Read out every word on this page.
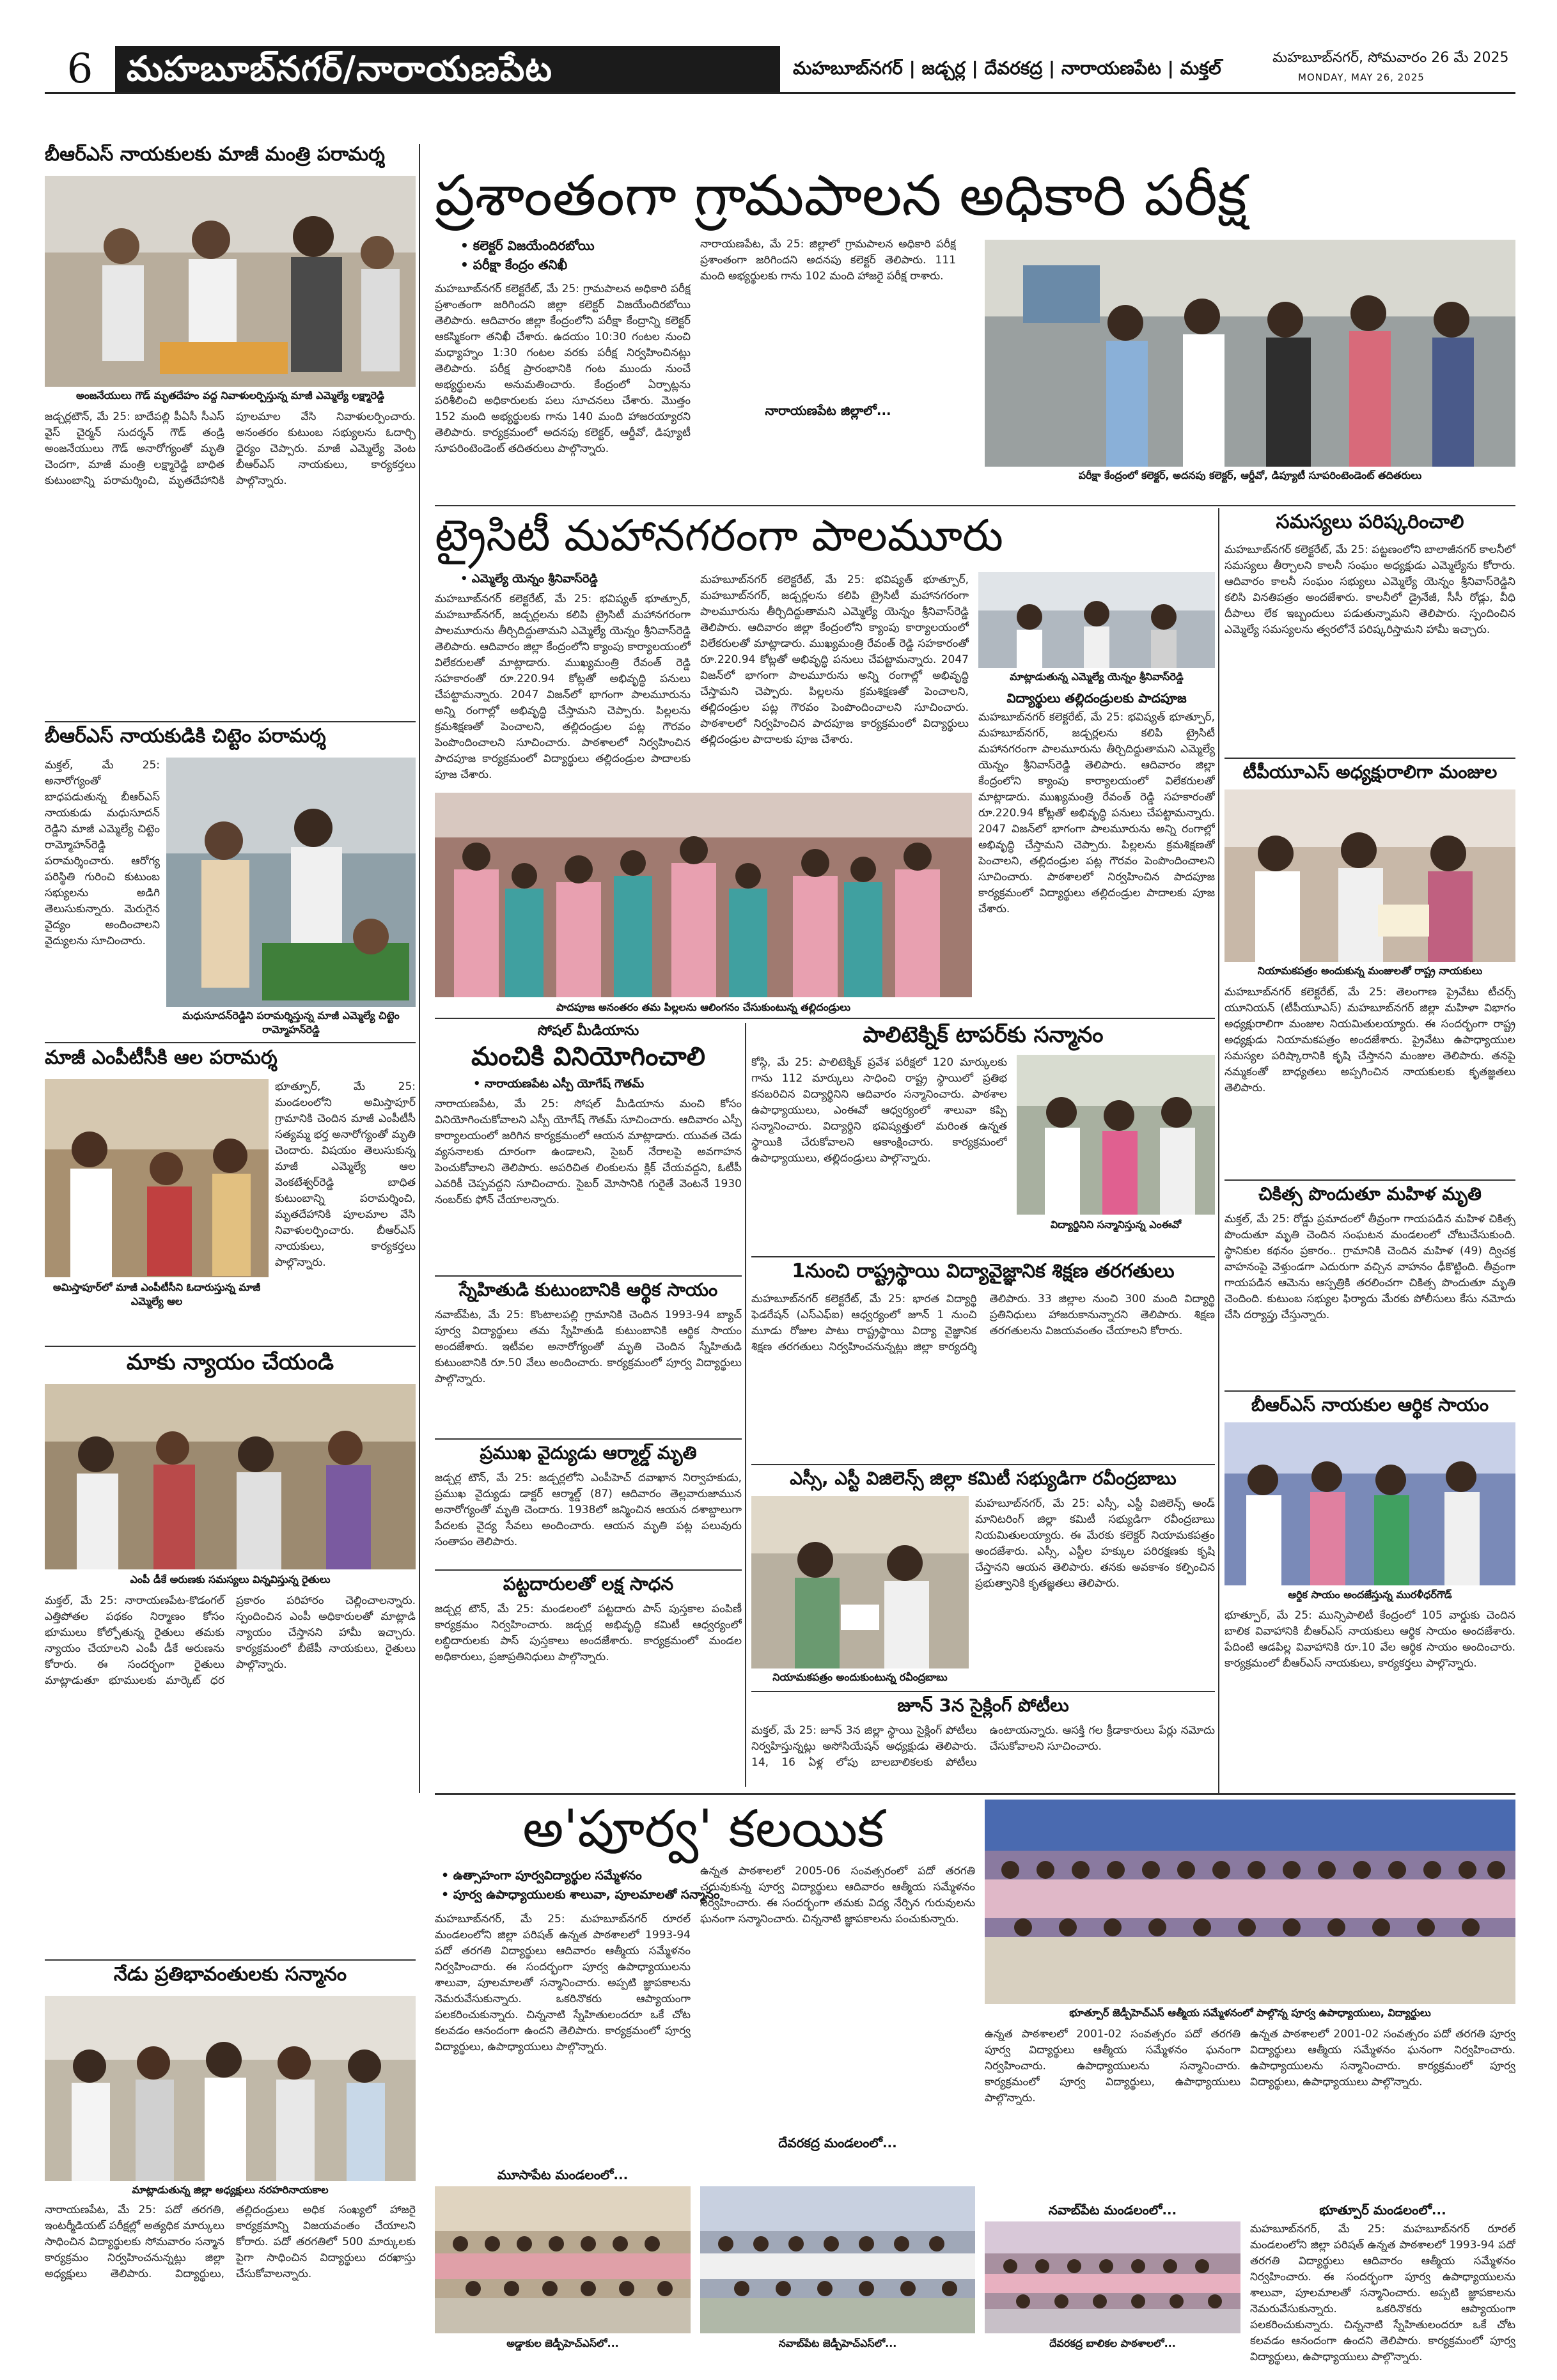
6 మహబూబ్‌నగర్/నారాయణపేట	మహబూబ్‌నగర్ | జడ్చర్ల | దేవరకద్ర | నారాయణపేట | మక్తల్	మహబూబ్‌నగర్, సోమవారం 26 మే 2025
MONDAY, MAY 26, 2025
బీఆర్ఎస్ నాయకులకు మాజీ మంత్రి పరామర్శ
అంజనేయులు గౌడ్ మృతదేహం వద్ద నివాళులర్పిస్తున్న మాజీ ఎమ్మెల్యే లక్ష్మారెడ్డి
జడ్చర్లటౌన్, మే 25: బాదేపల్లి పీఏసీ సీఎస్ వైస్ చైర్మన్ సుదర్శన్ గౌడ్ తండ్రి అంజనేయులు గౌడ్ అనారోగ్యంతో మృతి చెందగా, మాజీ మంత్రి లక్ష్మారెడ్డి బాధిత కుటుంబాన్ని పరామర్శించి, మృతదేహానికి పూలమాల వేసి నివాళులర్పించారు. అనంతరం కుటుంబ సభ్యులను ఓదార్చి ధైర్యం చెప్పారు. మాజీ ఎమ్మెల్యే వెంట బీఆర్ఎస్ నాయకులు, కార్యకర్తలు పాల్గొన్నారు.
బీఆర్ఎస్ నాయకుడికి చిట్టెం పరామర్శ
మక్తల్, మే 25: అనారోగ్యంతో బాధపడుతున్న బీఆర్ఎస్ నాయకుడు మధుసూదన్ రెడ్డిని మాజీ ఎమ్మెల్యే చిట్టెం రామ్మోహన్‌రెడ్డి పరామర్శించారు. ఆరోగ్య పరిస్థితి గురించి కుటుంబ సభ్యులను అడిగి తెలుసుకున్నారు. మెరుగైన వైద్యం అందించాలని వైద్యులను సూచించారు.
మధుసూదన్‌రెడ్డిని పరామర్శిస్తున్న మాజీ ఎమ్మెల్యే చిట్టెం రామ్మోహన్‌రెడ్డి
మాజీ ఎంపీటీసీకి ఆల పరామర్శ
భూత్పూర్, మే 25: మండలంలోని అమిస్తాపూర్ గ్రామానికి చెందిన మాజీ ఎంపీటీసీ సత్యమ్మ భర్త అనారోగ్యంతో మృతి చెందారు. విషయం తెలుసుకున్న మాజీ ఎమ్మెల్యే ఆల వెంకటేశ్వర్‌రెడ్డి బాధిత కుటుంబాన్ని పరామర్శించి, మృతదేహానికి పూలమాల వేసి నివాళులర్పించారు. బీఆర్ఎస్ నాయకులు, కార్యకర్తలు పాల్గొన్నారు.
అమిస్తాపూర్‌లో మాజీ ఎంపీటీసీని ఓదారుస్తున్న మాజీ ఎమ్మెల్యే ఆల
మాకు న్యాయం చేయండి
ఎంపీ డీకే అరుణకు సమస్యలు విన్నవిస్తున్న రైతులు
మక్తల్, మే 25: నారాయణపేట-కొడంగల్ ఎత్తిపోతల పథకం నిర్మాణం కోసం భూములు కోల్పోతున్న రైతులు తమకు న్యాయం చేయాలని ఎంపీ డీకే అరుణను కోరారు. ఈ సందర్భంగా రైతులు మాట్లాడుతూ భూములకు మార్కెట్ ధర ప్రకారం పరిహారం చెల్లించాలన్నారు. స్పందించిన ఎంపీ అధికారులతో మాట్లాడి న్యాయం చేస్తానని హామీ ఇచ్చారు. కార్యక్రమంలో బీజేపీ నాయకులు, రైతులు పాల్గొన్నారు.
నేడు ప్రతిభావంతులకు సన్మానం
మాట్లాడుతున్న జిల్లా అధ్యక్షులు నరహరినాయకాల
నారాయణపేట, మే 25: పదో తరగతి, ఇంటర్మీడియట్ పరీక్షల్లో అత్యధిక మార్కులు సాధించిన విద్యార్థులకు సోమవారం సన్మాన కార్యక్రమం నిర్వహించనున్నట్లు జిల్లా అధ్యక్షులు తెలిపారు. విద్యార్థులు, తల్లిదండ్రులు అధిక సంఖ్యలో హాజరై కార్యక్రమాన్ని విజయవంతం చేయాలని కోరారు. పదో తరగతిలో 500 మార్కులకు పైగా సాధించిన విద్యార్థులు దరఖాస్తు చేసుకోవాలన్నారు.
ప్రశాంతంగా గ్రామపాలన అధికారి పరీక్ష
• కలెక్టర్ విజయేందిరబోయి
• పరీక్షా కేంద్రం తనిఖీ
మహబూబ్‌నగర్ కలెక్టరేట్, మే 25: గ్రామపాలన అధికారి పరీక్ష ప్రశాంతంగా జరిగిందని జిల్లా కలెక్టర్ విజయేందిరబోయి తెలిపారు. ఆదివారం జిల్లా కేంద్రంలోని పరీక్షా కేంద్రాన్ని కలెక్టర్ ఆకస్మికంగా తనిఖీ చేశారు. ఉదయం 10:30 గంటల నుంచి మధ్యాహ్నం 1:30 గంటల వరకు పరీక్ష నిర్వహించినట్లు తెలిపారు. పరీక్ష ప్రారంభానికి గంట ముందు నుంచే అభ్యర్థులను అనుమతించారు. కేంద్రంలో ఏర్పాట్లను పరిశీలించి అధికారులకు పలు సూచనలు చేశారు. మొత్తం 152 మంది అభ్యర్థులకు గాను 140 మంది హాజరయ్యారని తెలిపారు. కార్యక్రమంలో అదనపు కలెక్టర్, ఆర్డీవో, డిప్యూటీ సూపరింటెండెంట్ తదితరులు పాల్గొన్నారు.
నారాయణపేట, మే 25: జిల్లాలో గ్రామపాలన అధికారి పరీక్ష ప్రశాంతంగా జరిగిందని అదనపు కలెక్టర్ తెలిపారు. 111 మంది అభ్యర్థులకు గాను 102 మంది హాజరై పరీక్ష రాశారు.
నారాయణపేట జిల్లాలో...
పరీక్షా కేంద్రంలో కలెక్టర్, అదనపు కలెక్టర్, ఆర్డీవో, డిప్యూటీ సూపరింటెండెంట్ తదితరులు
ట్రైసిటీ మహానగరంగా పాలమూరు
• ఎమ్మెల్యే యెన్నం శ్రీనివాస్‌రెడ్డి
మహబూబ్‌నగర్ కలెక్టరేట్, మే 25: భవిష్యత్ భూత్పూర్, మహబూబ్‌నగర్, జడ్చర్లలను కలిపి ట్రైసిటీ మహానగరంగా పాలమూరును తీర్చిదిద్దుతామని ఎమ్మెల్యే యెన్నం శ్రీనివాస్‌రెడ్డి తెలిపారు. ఆదివారం జిల్లా కేంద్రంలోని క్యాంపు కార్యాలయంలో విలేకరులతో మాట్లాడారు. ముఖ్యమంత్రి రేవంత్ రెడ్డి సహకారంతో రూ.220.94 కోట్లతో అభివృద్ధి పనులు చేపట్టామన్నారు. 2047 విజన్‌లో భాగంగా పాలమూరును అన్ని రంగాల్లో అభివృద్ధి చేస్తామని చెప్పారు. పిల్లలను క్రమశిక్షణతో పెంచాలని, తల్లిదండ్రుల పట్ల గౌరవం పెంపొందించాలని సూచించారు. పాఠశాలలో నిర్వహించిన పాదపూజ కార్యక్రమంలో విద్యార్థులు తల్లిదండ్రుల పాదాలకు పూజ చేశారు.
మహబూబ్‌నగర్ కలెక్టరేట్, మే 25: భవిష్యత్ భూత్పూర్, మహబూబ్‌నగర్, జడ్చర్లలను కలిపి ట్రైసిటీ మహానగరంగా పాలమూరును తీర్చిదిద్దుతామని ఎమ్మెల్యే యెన్నం శ్రీనివాస్‌రెడ్డి తెలిపారు. ఆదివారం జిల్లా కేంద్రంలోని క్యాంపు కార్యాలయంలో విలేకరులతో మాట్లాడారు. ముఖ్యమంత్రి రేవంత్ రెడ్డి సహకారంతో రూ.220.94 కోట్లతో అభివృద్ధి పనులు చేపట్టామన్నారు. 2047 విజన్‌లో భాగంగా పాలమూరును అన్ని రంగాల్లో అభివృద్ధి చేస్తామని చెప్పారు. పిల్లలను క్రమశిక్షణతో పెంచాలని, తల్లిదండ్రుల పట్ల గౌరవం పెంపొందించాలని సూచించారు. పాఠశాలలో నిర్వహించిన పాదపూజ కార్యక్రమంలో విద్యార్థులు తల్లిదండ్రుల పాదాలకు పూజ చేశారు.
మాట్లాడుతున్న ఎమ్మెల్యే యెన్నం శ్రీనివాస్‌రెడ్డి
విద్యార్థులు తల్లిదండ్రులకు పాదపూజ
మహబూబ్‌నగర్ కలెక్టరేట్, మే 25: భవిష్యత్ భూత్పూర్, మహబూబ్‌నగర్, జడ్చర్లలను కలిపి ట్రైసిటీ మహానగరంగా పాలమూరును తీర్చిదిద్దుతామని ఎమ్మెల్యే యెన్నం శ్రీనివాస్‌రెడ్డి తెలిపారు. ఆదివారం జిల్లా కేంద్రంలోని క్యాంపు కార్యాలయంలో విలేకరులతో మాట్లాడారు. ముఖ్యమంత్రి రేవంత్ రెడ్డి సహకారంతో రూ.220.94 కోట్లతో అభివృద్ధి పనులు చేపట్టామన్నారు. 2047 విజన్‌లో భాగంగా పాలమూరును అన్ని రంగాల్లో అభివృద్ధి చేస్తామని చెప్పారు. పిల్లలను క్రమశిక్షణతో పెంచాలని, తల్లిదండ్రుల పట్ల గౌరవం పెంపొందించాలని సూచించారు. పాఠశాలలో నిర్వహించిన పాదపూజ కార్యక్రమంలో విద్యార్థులు తల్లిదండ్రుల పాదాలకు పూజ చేశారు.
పాదపూజ అనంతరం తమ పిల్లలను ఆలింగనం చేసుకుంటున్న తల్లిదండ్రులు
సమస్యలు పరిష్కరించాలి
మహబూబ్‌నగర్ కలెక్టరేట్, మే 25: పట్టణంలోని బాలాజీనగర్ కాలనీలో సమస్యలు తీర్చాలని కాలనీ సంఘం అధ్యక్షుడు ఎమ్మెల్యేను కోరారు. ఆదివారం కాలనీ సంఘం సభ్యులు ఎమ్మెల్యే యెన్నం శ్రీనివాస్‌రెడ్డిని కలిసి వినతిపత్రం అందజేశారు. కాలనీలో డ్రైనేజీ, సీసీ రోడ్లు, వీధి దీపాలు లేక ఇబ్బందులు పడుతున్నామని తెలిపారు. స్పందించిన ఎమ్మెల్యే సమస్యలను త్వరలోనే పరిష్కరిస్తామని హామీ ఇచ్చారు.
టీపీయూఎస్ అధ్యక్షురాలిగా మంజుల
నియామకపత్రం అందుకున్న మంజులతో రాష్ట్ర నాయకులు
మహబూబ్‌నగర్ కలెక్టరేట్, మే 25: తెలంగాణ ప్రైవేటు టీచర్స్ యూనియన్ (టీపీయూఎస్) మహబూబ్‌నగర్ జిల్లా మహిళా విభాగం అధ్యక్షురాలిగా మంజుల నియమితులయ్యారు. ఈ సందర్భంగా రాష్ట్ర అధ్యక్షుడు నియామకపత్రం అందజేశారు. ప్రైవేటు ఉపాధ్యాయుల సమస్యల పరిష్కారానికి కృషి చేస్తానని మంజుల తెలిపారు. తనపై నమ్మకంతో బాధ్యతలు అప్పగించిన నాయకులకు కృతజ్ఞతలు తెలిపారు.
చికిత్స పొందుతూ మహిళ మృతి
మక్తల్, మే 25: రోడ్డు ప్రమాదంలో తీవ్రంగా గాయపడిన మహిళ చికిత్స పొందుతూ మృతి చెందిన సంఘటన మండలంలో చోటుచేసుకుంది. స్థానికుల కథనం ప్రకారం.. గ్రామానికి చెందిన మహిళ (49) ద్విచక్ర వాహనంపై వెళ్తుండగా ఎదురుగా వచ్చిన వాహనం ఢీకొట్టింది. తీవ్రంగా గాయపడిన ఆమెను ఆస్పత్రికి తరలించగా చికిత్స పొందుతూ మృతి చెందింది. కుటుంబ సభ్యుల ఫిర్యాదు మేరకు పోలీసులు కేసు నమోదు చేసి దర్యాప్తు చేస్తున్నారు.
బీఆర్ఎస్ నాయకుల ఆర్థిక సాయం
ఆర్థిక సాయం అందజేస్తున్న మురళీధర్‌గౌడ్
భూత్పూర్, మే 25: మున్సిపాలిటీ కేంద్రంలో 105 వార్డుకు చెందిన బాలిక వివాహానికి బీఆర్ఎస్ నాయకులు ఆర్థిక సాయం అందజేశారు. పేదింటి ఆడపిల్ల వివాహానికి రూ.10 వేల ఆర్థిక సాయం అందించారు. కార్యక్రమంలో బీఆర్ఎస్ నాయకులు, కార్యకర్తలు పాల్గొన్నారు.
సోషల్ మీడియాను
మంచికి వినియోగించాలి
• నారాయణపేట ఎస్పీ యోగేష్ గౌతమ్
నారాయణపేట, మే 25: సోషల్ మీడియాను మంచి కోసం వినియోగించుకోవాలని ఎస్పీ యోగేష్ గౌతమ్ సూచించారు. ఆదివారం ఎస్పీ కార్యాలయంలో జరిగిన కార్యక్రమంలో ఆయన మాట్లాడారు. యువత చెడు వ్యసనాలకు దూరంగా ఉండాలని, సైబర్ నేరాలపై అవగాహన పెంచుకోవాలని తెలిపారు. అపరిచిత లింకులను క్లిక్ చేయవద్దని, ఓటీపీ ఎవరికీ చెప్పవద్దని సూచించారు. సైబర్ మోసానికి గురైతే వెంటనే 1930 నంబర్‌కు ఫోన్ చేయాలన్నారు.
స్నేహితుడి కుటుంబానికి ఆర్థిక సాయం
నవాబ్‌పేట, మే 25: కొంటాలపల్లి గ్రామానికి చెందిన 1993-94 బ్యాచ్ పూర్వ విద్యార్థులు తమ స్నేహితుడి కుటుంబానికి ఆర్థిక సాయం అందజేశారు. ఇటీవల అనారోగ్యంతో మృతి చెందిన స్నేహితుడి కుటుంబానికి రూ.50 వేలు అందించారు. కార్యక్రమంలో పూర్వ విద్యార్థులు పాల్గొన్నారు.
ప్రముఖ వైద్యుడు ఆర్మాల్డ్ మృతి
జడ్చర్ల టౌన్, మే 25: జడ్చర్లలోని ఎంపీహెచ్ దవాఖాన నిర్వాహకుడు, ప్రముఖ వైద్యుడు డాక్టర్ ఆర్మాల్డ్ (87) ఆదివారం తెల్లవారుజామున అనారోగ్యంతో మృతి చెందారు. 1938లో జన్మించిన ఆయన దశాబ్దాలుగా పేదలకు వైద్య సేవలు అందించారు. ఆయన మృతి పట్ల పలువురు సంతాపం తెలిపారు.
పట్టదారులతో లక్ష సాధన
జడ్చర్ల టౌన్, మే 25: మండలంలో పట్టదారు పాస్ పుస్తకాల పంపిణీ కార్యక్రమం నిర్వహించారు. జడ్చర్ల అభివృద్ధి కమిటీ ఆధ్వర్యంలో లబ్ధిదారులకు పాస్ పుస్తకాలు అందజేశారు. కార్యక్రమంలో మండల అధికారులు, ప్రజాప్రతినిధులు పాల్గొన్నారు.
పాలిటెక్నిక్ టాపర్‌కు సన్మానం
కోస్గి, మే 25: పాలిటెక్నిక్ ప్రవేశ పరీక్షలో 120 మార్కులకు గాను 112 మార్కులు సాధించి రాష్ట్ర స్థాయిలో ప్రతిభ కనబరిచిన విద్యార్థినిని ఆదివారం సన్మానించారు. పాఠశాల ఉపాధ్యాయులు, ఎంఈవో ఆధ్వర్యంలో శాలువా కప్పి సన్మానించారు. విద్యార్థిని భవిష్యత్తులో మరింత ఉన్నత స్థాయికి చేరుకోవాలని ఆకాంక్షించారు. కార్యక్రమంలో ఉపాధ్యాయులు, తల్లిదండ్రులు పాల్గొన్నారు.
విద్యార్థినిని సన్మానిస్తున్న ఎంఈవో
1నుంచి రాష్ట్రస్థాయి విద్యావైజ్ఞానిక శిక్షణ తరగతులు
మహబూబ్‌నగర్ కలెక్టరేట్, మే 25: భారత విద్యార్థి ఫెడరేషన్ (ఎస్ఎఫ్ఐ) ఆధ్వర్యంలో జూన్ 1 నుంచి మూడు రోజుల పాటు రాష్ట్రస్థాయి విద్యా వైజ్ఞానిక శిక్షణ తరగతులు నిర్వహించనున్నట్లు జిల్లా కార్యదర్శి తెలిపారు. 33 జిల్లాల నుంచి 300 మంది విద్యార్థి ప్రతినిధులు హాజరుకానున్నారని తెలిపారు. శిక్షణ తరగతులను విజయవంతం చేయాలని కోరారు.
ఎస్సీ, ఎస్టీ విజిలెన్స్ జిల్లా కమిటీ సభ్యుడిగా రవీంద్రబాబు
నియామకపత్రం అందుకుంటున్న రవీంద్రబాబు
మహబూబ్‌నగర్, మే 25: ఎస్సీ, ఎస్టీ విజిలెన్స్ అండ్ మానిటరింగ్ జిల్లా కమిటీ సభ్యుడిగా రవీంద్రబాబు నియమితులయ్యారు. ఈ మేరకు కలెక్టర్ నియామకపత్రం అందజేశారు. ఎస్సీ, ఎస్టీల హక్కుల పరిరక్షణకు కృషి చేస్తానని ఆయన తెలిపారు. తనకు అవకాశం కల్పించిన ప్రభుత్వానికి కృతజ్ఞతలు తెలిపారు.
జూన్ 3న సైక్లింగ్ పోటీలు
మక్తల్, మే 25: జూన్ 3న జిల్లా స్థాయి సైక్లింగ్ పోటీలు నిర్వహిస్తున్నట్లు అసోసియేషన్ అధ్యక్షుడు తెలిపారు. 14, 16 ఏళ్ల లోపు బాలబాలికలకు పోటీలు ఉంటాయన్నారు. ఆసక్తి గల క్రీడాకారులు పేర్లు నమోదు చేసుకోవాలని సూచించారు.
అ'పూర్వ' కలయిక
• ఉత్సాహంగా పూర్వవిద్యార్థుల సమ్మేళనం
• పూర్వ ఉపాధ్యాయులకు శాలువా, పూలమాలతో సన్మానం
మహబూబ్‌నగర్, మే 25: మహబూబ్‌నగర్ రూరల్ మండలంలోని జిల్లా పరిషత్ ఉన్నత పాఠశాలలో 1993-94 పదో తరగతి విద్యార్థులు ఆదివారం ఆత్మీయ సమ్మేళనం నిర్వహించారు. ఈ సందర్భంగా పూర్వ ఉపాధ్యాయులను శాలువా, పూలమాలతో సన్మానించారు. అప్పటి జ్ఞాపకాలను నెమరువేసుకున్నారు. ఒకరినొకరు ఆప్యాయంగా పలకరించుకున్నారు. చిన్ననాటి స్నేహితులందరూ ఒకే చోట కలవడం ఆనందంగా ఉందని తెలిపారు. కార్యక్రమంలో పూర్వ విద్యార్థులు, ఉపాధ్యాయులు పాల్గొన్నారు.
ఉన్నత పాఠశాలలో 2005-06 సంవత్సరంలో పదో తరగతి చదువుకున్న పూర్వ విద్యార్థులు ఆదివారం ఆత్మీయ సమ్మేళనం నిర్వహించారు. ఈ సందర్భంగా తమకు విద్య నేర్పిన గురువులను ఘనంగా సన్మానించారు. చిన్ననాటి జ్ఞాపకాలను పంచుకున్నారు.
దేవరకద్ర మండలంలో...
మూసాపేట మండలంలో...
భూత్పూర్ జెడ్పీహెచ్ఎస్ ఆత్మీయ సమ్మేళనంలో పాల్గొన్న పూర్వ ఉపాధ్యాయులు, విద్యార్థులు
ఉన్నత పాఠశాలలో 2001-02 సంవత్సరం పదో తరగతి పూర్వ విద్యార్థులు ఆత్మీయ సమ్మేళనం ఘనంగా నిర్వహించారు. ఉపాధ్యాయులను సన్మానించారు. కార్యక్రమంలో పూర్వ విద్యార్థులు, ఉపాధ్యాయులు పాల్గొన్నారు.
ఉన్నత పాఠశాలలో 2001-02 సంవత్సరం పదో తరగతి పూర్వ విద్యార్థులు ఆత్మీయ సమ్మేళనం ఘనంగా నిర్వహించారు. ఉపాధ్యాయులను సన్మానించారు. కార్యక్రమంలో పూర్వ విద్యార్థులు, ఉపాధ్యాయులు పాల్గొన్నారు.
నవాబ్‌పేట మండలంలో...	భూత్పూర్ మండలంలో...
మహబూబ్‌నగర్, మే 25: మహబూబ్‌నగర్ రూరల్ మండలంలోని జిల్లా పరిషత్ ఉన్నత పాఠశాలలో 1993-94 పదో తరగతి విద్యార్థులు ఆదివారం ఆత్మీయ సమ్మేళనం నిర్వహించారు. ఈ సందర్భంగా పూర్వ ఉపాధ్యాయులను శాలువా, పూలమాలతో సన్మానించారు. అప్పటి జ్ఞాపకాలను నెమరువేసుకున్నారు. ఒకరినొకరు ఆప్యాయంగా పలకరించుకున్నారు. చిన్ననాటి స్నేహితులందరూ ఒకే చోట కలవడం ఆనందంగా ఉందని తెలిపారు. కార్యక్రమంలో పూర్వ విద్యార్థులు, ఉపాధ్యాయులు పాల్గొన్నారు.
అడ్డాకుల జెడ్పీహెచ్ఎస్‌లో...	నవాబ్‌పేట జెడ్పీహెచ్ఎస్‌లో...	దేవరకద్ర బాలికల పాఠశాలలో...
